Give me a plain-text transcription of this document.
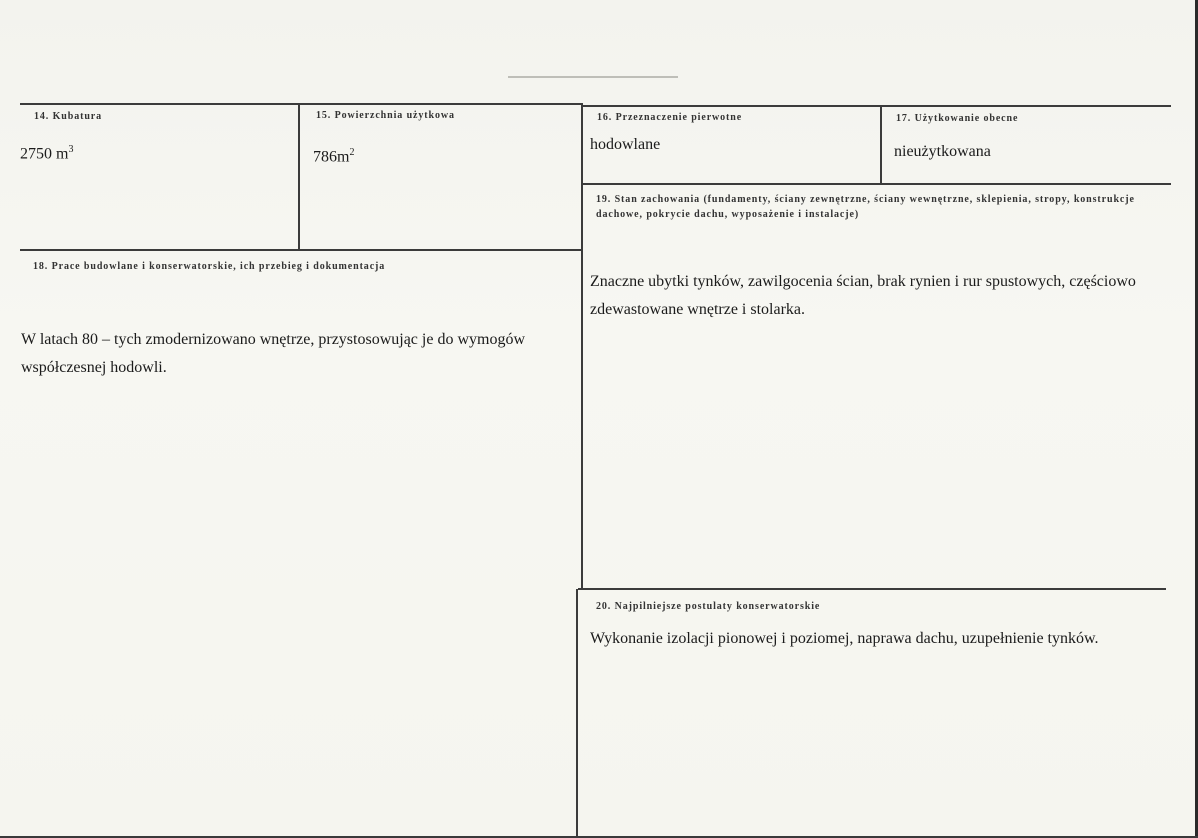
14. Kubatura
2750 $m^3$
15. Powierzchnia użytkowa
$786m^2$
16. Przeznaczenie pierwotne
hodowlane
17. Użytkowanie obecne
nieużytkowana
19. Stan zachowania (fundamenty, ściany zewnętrzne, ściany wewnętrzne, sklepienia, stropy, konstrukcje dachowe, pokrycie dachu, wyposażenie i instalacje)
Znaczne ubytki tynków, zawilgocenia ścian, brak rynien i rur spustowych, częściowo zdewastowane wnętrze i stolarka.
18. Prace budowlane i konserwatorskie, ich przebieg i dokumentacja
W latach 80 – tych zmodernizowano wnętrze, przystosowując je do wymogów współczesnej hodowli.
20. Najpilniejsze postulaty konserwatorskie
Wykonanie izolacji pionowej i poziomej, naprawa dachu, uzupełnienie tynków.
